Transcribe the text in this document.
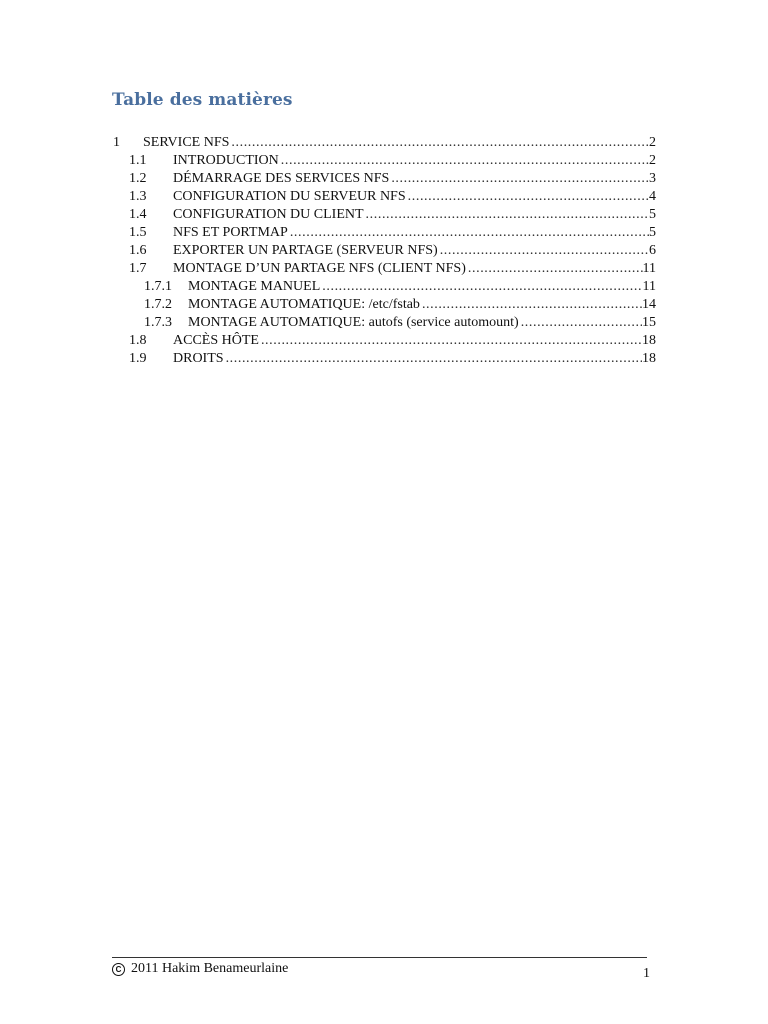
Table des matières
1 SERVICE NFS .....	2
1.1 INTRODUCTION .....	2
1.2 DÉMARRAGE DES SERVICES NFS .....	3
1.3 CONFIGURATION DU SERVEUR NFS .....	4
1.4 CONFIGURATION DU CLIENT .....	5
1.5 NFS ET PORTMAP .....	5
1.6 EXPORTER UN PARTAGE (SERVEUR NFS) .....	6
1.7 MONTAGE D’UN PARTAGE NFS (CLIENT NFS) .....	11
1.7.1 MONTAGE MANUEL .....	11
1.7.2 MONTAGE AUTOMATIQUE: /etc/fstab .....	14
1.7.3 MONTAGE AUTOMATIQUE: autofs (service automount) .....	15
1.8 ACCÈS HÔTE .....	18
1.9 DROITS .....	18
C 2011 Hakim Benameurlaine	1
